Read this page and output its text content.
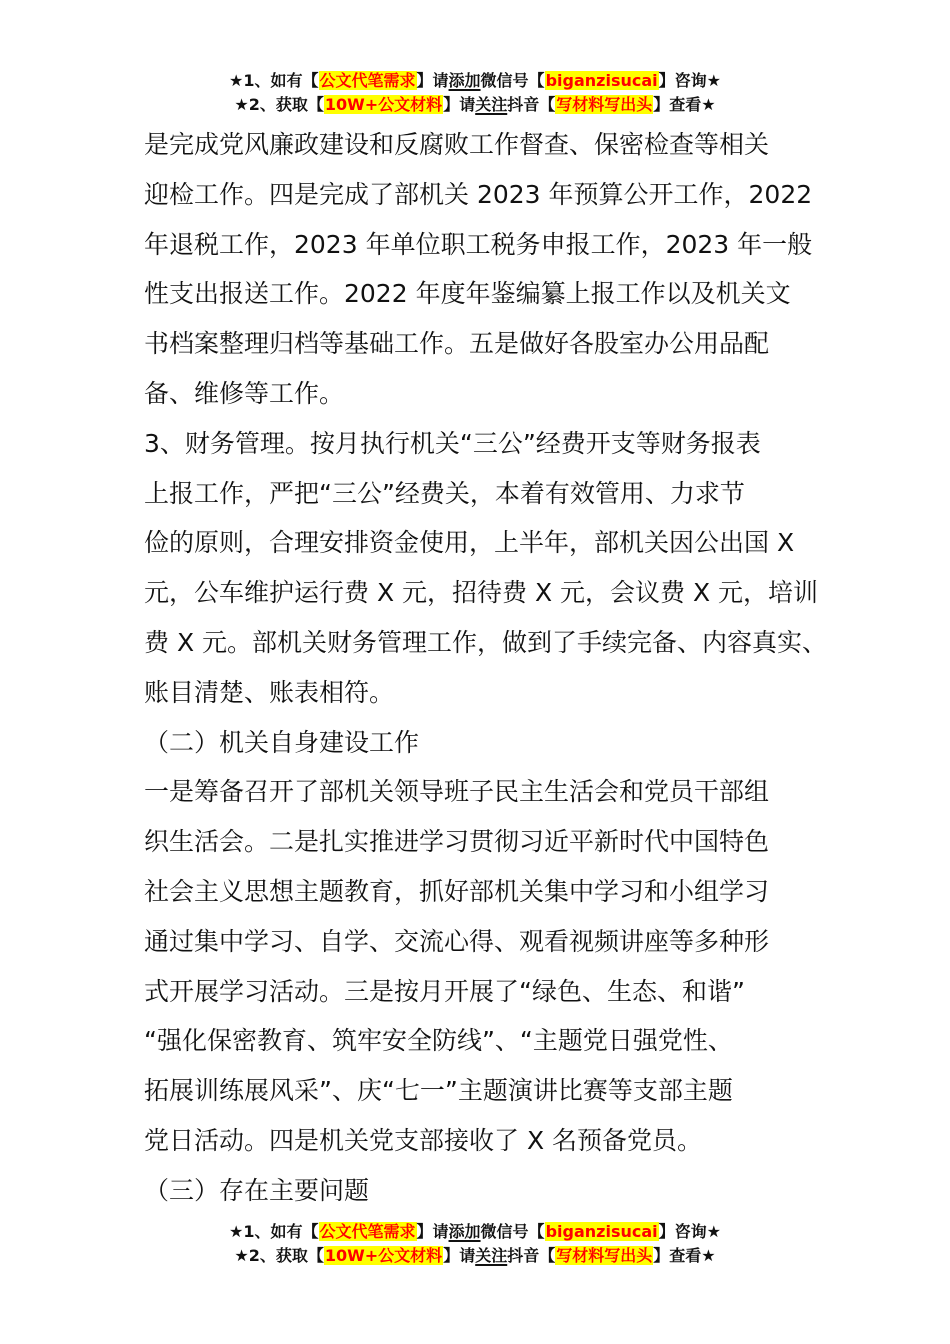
★1、如有【公文代笔需求】请添加微信号【biganzisucai】咨询★
★2、获取【10W+公文材料】请关注抖音【写材料写出头】查看★
是完成党风廉政建设和反腐败工作督查、保密检查等相关
迎检工作。四是完成了部机关 2023 年预算公开工作，2022
年退税工作，2023 年单位职工税务申报工作，2023 年一般
性支出报送工作。2022 年度年鉴编纂上报工作以及机关文
书档案整理归档等基础工作。五是做好各股室办公用品配
备、维修等工作。
3、财务管理。按月执行机关“三公”经费开支等财务报表
上报工作，严把“三公”经费关，本着有效管用、力求节
俭的原则，合理安排资金使用，上半年，部机关因公出国 X
元，公车维护运行费 X 元，招待费 X 元，会议费 X 元，培训
费 X 元。部机关财务管理工作，做到了手续完备、内容真实、
账目清楚、账表相符。
（二）机关自身建设工作
一是筹备召开了部机关领导班子民主生活会和党员干部组
织生活会。二是扎实推进学习贯彻习近平新时代中国特色
社会主义思想主题教育，抓好部机关集中学习和小组学习
通过集中学习、自学、交流心得、观看视频讲座等多种形
式开展学习活动。三是按月开展了“绿色、生态、和谐”
“强化保密教育、筑牢安全防线”、“主题党日强党性、
拓展训练展风采”、庆“七一”主题演讲比赛等支部主题
党日活动。四是机关党支部接收了 X 名预备党员。
（三）存在主要问题
★1、如有【公文代笔需求】请添加微信号【biganzisucai】咨询★
★2、获取【10W+公文材料】请关注抖音【写材料写出头】查看★
